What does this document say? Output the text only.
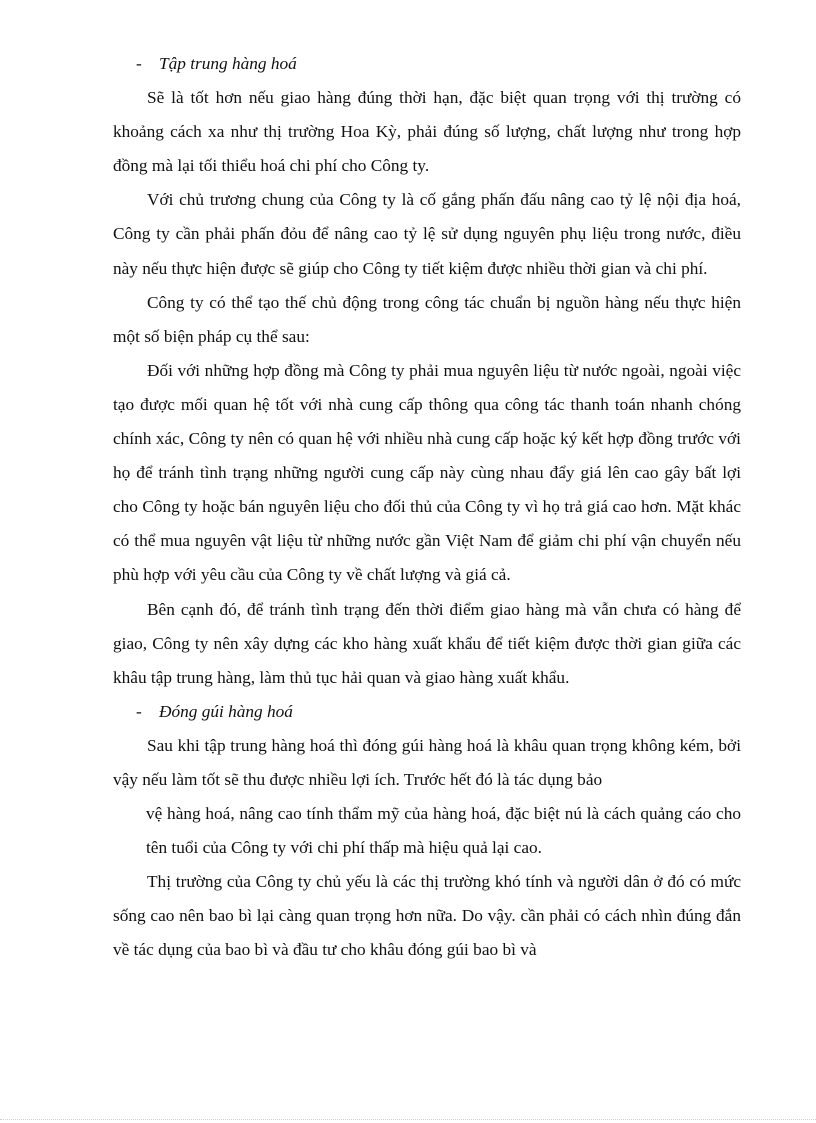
- Tập trung hàng hoá

Sẽ là tốt hơn nếu giao hàng đúng thời hạn, đặc biệt quan trọng với thị trường có khoảng cách xa như thị trường Hoa Kỳ, phải đúng số lượng, chất lượng như trong hợp đồng mà lại tối thiểu hoá chi phí cho Công ty.

Với chủ trương chung của Công ty là cố gắng phấn đấu nâng cao tỷ lệ nội địa hoá, Công ty cần phải phấn đỏu để nâng cao tỷ lệ sử dụng nguyên phụ liệu trong nước, điều này nếu thực hiện được sẽ giúp cho Công ty tiết kiệm được nhiều thời gian và chi phí.

Công ty có thể tạo thế chủ động trong công tác chuẩn bị nguồn hàng nếu thực hiện một số biện pháp cụ thể sau:

Đối với những hợp đồng mà Công ty phải mua nguyên liệu từ nước ngoài, ngoài việc tạo được mối quan hệ tốt với nhà cung cấp thông qua công tác thanh toán nhanh chóng chính xác, Công ty nên có quan hệ với nhiều nhà cung cấp hoặc ký kết hợp đồng trước với họ để tránh tình trạng những người cung cấp này cùng nhau đẩy giá lên cao gây bất lợi cho Công ty hoặc bán nguyên liệu cho đối thủ của Công ty vì họ trả giá cao hơn. Mặt khác có thể mua nguyên vật liệu từ những nước gần Việt Nam để giảm chi phí vận chuyển nếu phù hợp với yêu cầu của Công ty về chất lượng và giá cả.

Bên cạnh đó, để tránh tình trạng đến thời điểm giao hàng mà vẫn chưa có hàng để giao, Công ty nên xây dựng các kho hàng xuất khẩu để tiết kiệm được thời gian giữa các khâu tập trung hàng, làm thủ tục hải quan và giao hàng xuất khẩu.

- Đóng gúi hàng hoá

Sau khi tập trung hàng hoá thì đóng gúi hàng hoá là khâu quan trọng không kém, bởi vậy nếu làm tốt sẽ thu được nhiều lợi ích. Trước hết đó là tác dụng bảo

vệ hàng hoá, nâng cao tính thẩm mỹ của hàng hoá, đặc biệt nú là cách quảng cáo cho tên tuổi của Công ty với chi phí thấp mà hiệu quả lại cao.

Thị trường của Công ty chủ yếu là các thị trường khó tính và người dân ở đó có mức sống cao nên bao bì lại càng quan trọng hơn nữa. Do vậy. cần phải có cách nhìn đúng đắn về tác dụng của bao bì và đầu tư cho khâu đóng gúi bao bì và
